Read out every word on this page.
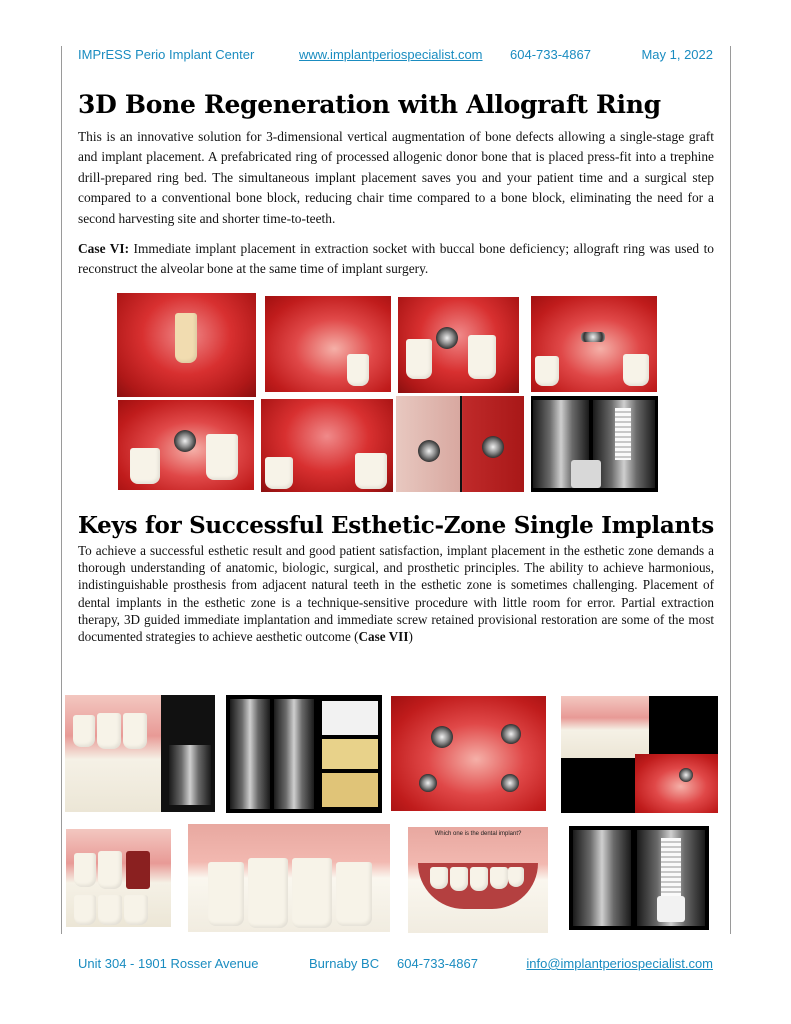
IMPrESS Perio Implant Center	www.implantperiospecialist.com 604-733-4867	May 1, 2022
3D Bone Regeneration with Allograft Ring

This is an innovative solution for 3-dimensional vertical augmentation of bone defects allowing a single-stage graft and implant placement. A prefabricated ring of processed allogenic donor bone that is placed press-fit into a trephine drill-prepared ring bed. The simultaneous implant placement saves you and your patient time and a surgical step compared to a conventional bone block, reducing chair time compared to a bone block, eliminating the need for a second harvesting site and shorter time-to-teeth.

Case VI: Immediate implant placement in extraction socket with buccal bone deficiency; allograft ring was used to reconstruct the alveolar bone at the same time of implant surgery.

Keys for Successful Esthetic-Zone Single Implants

To achieve a successful esthetic result and good patient satisfaction, implant placement in the esthetic zone demands a thorough understanding of anatomic, biologic, surgical, and prosthetic principles. The ability to achieve harmonious, indistinguishable prosthesis from adjacent natural teeth in the esthetic zone is sometimes challenging. Placement of dental implants in the esthetic zone is a technique-sensitive procedure with little room for error. Partial extraction therapy, 3D guided immediate implantation and immediate screw retained provisional restoration are some of the most documented strategies to achieve aesthetic outcome (Case VII)

Which one is the dental implant?
Unit 304 - 1901 Rosser Avenue	Burnaby BC 604-733-4867	info@implantperiospecialist.com
